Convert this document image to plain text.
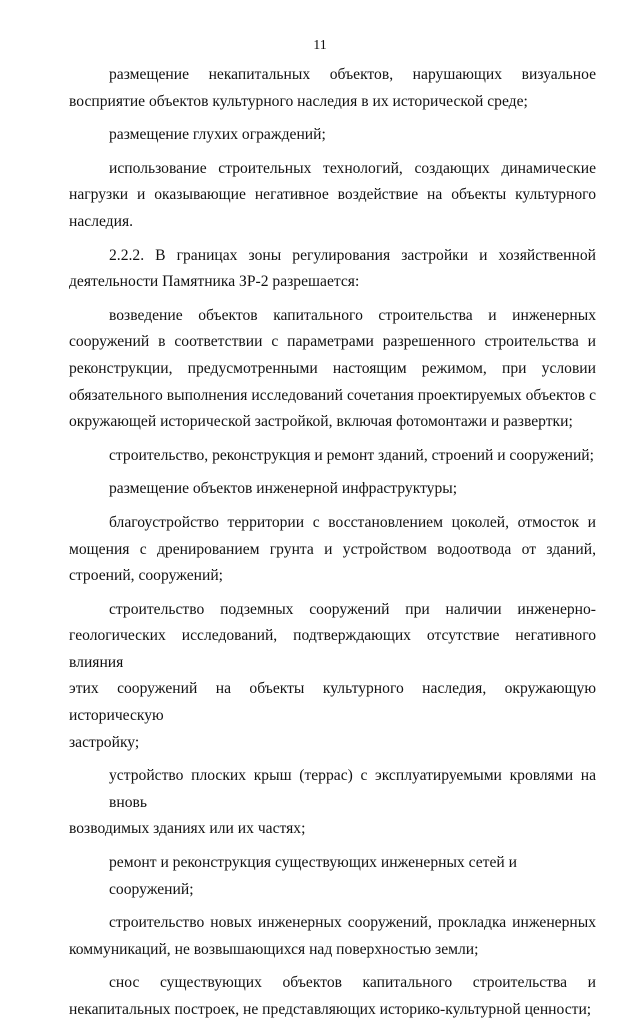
11
размещение некапитальных объектов, нарушающих визуальное
восприятие объектов культурного наследия в их исторической среде;
размещение глухих ограждений;
использование строительных технологий, создающих динамические
нагрузки и оказывающие негативное воздействие на объекты культурного
наследия.
2.2.2. В границах зоны регулирования застройки и хозяйственной
деятельности Памятника ЗР-2 разрешается:
возведение объектов капитального строительства и инженерных
сооружений в соответствии с параметрами разрешенного строительства и
реконструкции, предусмотренными настоящим режимом, при условии
обязательного выполнения исследований сочетания проектируемых объектов с
окружающей исторической застройкой, включая фотомонтажи и развертки;
строительство, реконструкция и ремонт зданий, строений и сооружений;
размещение объектов инженерной инфраструктуры;
благоустройство территории с восстановлением цоколей, отмосток и
мощения с дренированием грунта и устройством водоотвода от зданий,
строений, сооружений;
строительство подземных сооружений при наличии инженерно-
геологических исследований, подтверждающих отсутствие негативного влияния
этих сооружений на объекты культурного наследия, окружающую историческую
застройку;
устройство плоских крыш (террас) с эксплуатируемыми кровлями на вновь
возводимых зданиях или их частях;
ремонт и реконструкция существующих инженерных сетей и сооружений;
строительство новых инженерных сооружений, прокладка инженерных
коммуникаций, не возвышающихся над поверхностью земли;
снос существующих объектов капитального строительства и
некапитальных построек, не представляющих историко-культурной ценности;
